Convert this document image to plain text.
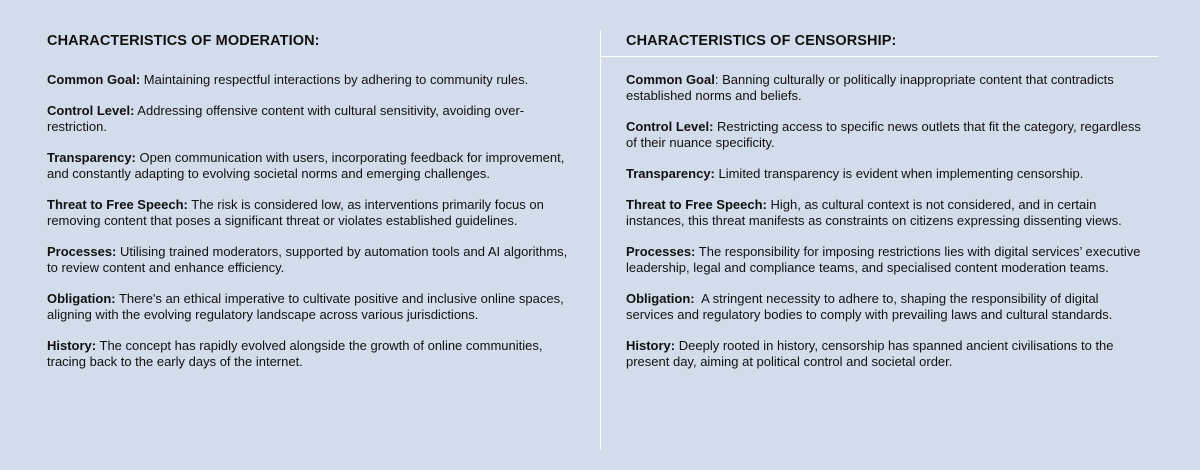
CHARACTERISTICS OF MODERATION:
Common Goal: Maintaining respectful interactions by adhering to community rules.
Control Level: Addressing offensive content with cultural sensitivity, avoiding over-restriction.
Transparency: Open communication with users, incorporating feedback for improvement, and constantly adapting to evolving societal norms and emerging challenges.
Threat to Free Speech: The risk is considered low, as interventions primarily focus on removing content that poses a significant threat or violates established guidelines.
Processes: Utilising trained moderators, supported by automation tools and AI algorithms, to review content and enhance efficiency.
Obligation: There's an ethical imperative to cultivate positive and inclusive online spaces, aligning with the evolving regulatory landscape across various jurisdictions.
History: The concept has rapidly evolved alongside the growth of online communities, tracing back to the early days of the internet.
CHARACTERISTICS OF CENSORSHIP:
Common Goal: Banning culturally or politically inappropriate content that contradicts established norms and beliefs.
Control Level: Restricting access to specific news outlets that fit the category, regardless of their nuance specificity.
Transparency: Limited transparency is evident when implementing censorship.
Threat to Free Speech: High, as cultural context is not considered, and in certain instances, this threat manifests as constraints on citizens expressing dissenting views.
Processes: The responsibility for imposing restrictions lies with digital services’ executive leadership, legal and compliance teams, and specialised content moderation teams.
Obligation:  A stringent necessity to adhere to, shaping the responsibility of digital services and regulatory bodies to comply with prevailing laws and cultural standards.
History: Deeply rooted in history, censorship has spanned ancient civilisations to the present day, aiming at political control and societal order.
